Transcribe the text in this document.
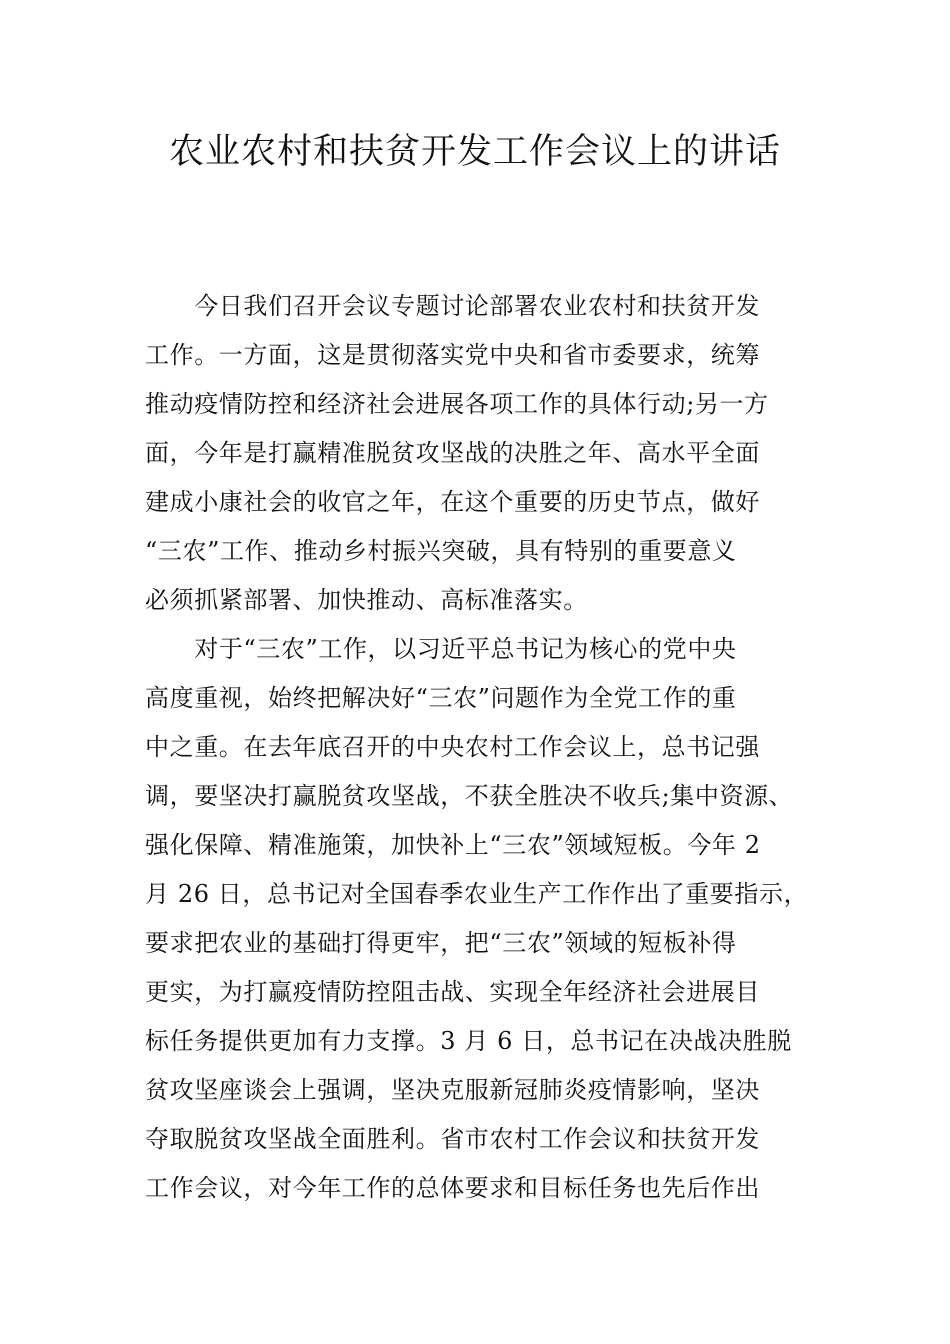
农业农村和扶贫开发工作会议上的讲话

　　今日我们召开会议专题讨论部署农业农村和扶贫开发
工作。一方面，这是贯彻落实党中央和省市委要求，统筹
推动疫情防控和经济社会进展各项工作的具体行动;另一方
面，今年是打赢精准脱贫攻坚战的决胜之年、高水平全面
建成小康社会的收官之年，在这个重要的历史节点，做好
“三农”工作、推动乡村振兴突破，具有特别的重要意义
必须抓紧部署、加快推动、高标准落实。

　　对于“三农”工作，以习近平总书记为核心的党中央
高度重视，始终把解决好“三农”问题作为全党工作的重
中之重。在去年底召开的中央农村工作会议上，总书记强
调，要坚决打赢脱贫攻坚战，不获全胜决不收兵;集中资源、
强化保障、精准施策，加快补上“三农”领域短板。今年 2
月 26 日，总书记对全国春季农业生产工作作出了重要指示，
要求把农业的基础打得更牢，把“三农”领域的短板补得
更实，为打赢疫情防控阻击战、实现全年经济社会进展目
标任务提供更加有力支撑。3 月 6 日，总书记在决战决胜脱
贫攻坚座谈会上强调，坚决克服新冠肺炎疫情影响，坚决
夺取脱贫攻坚战全面胜利。省市农村工作会议和扶贫开发
工作会议，对今年工作的总体要求和目标任务也先后作出
